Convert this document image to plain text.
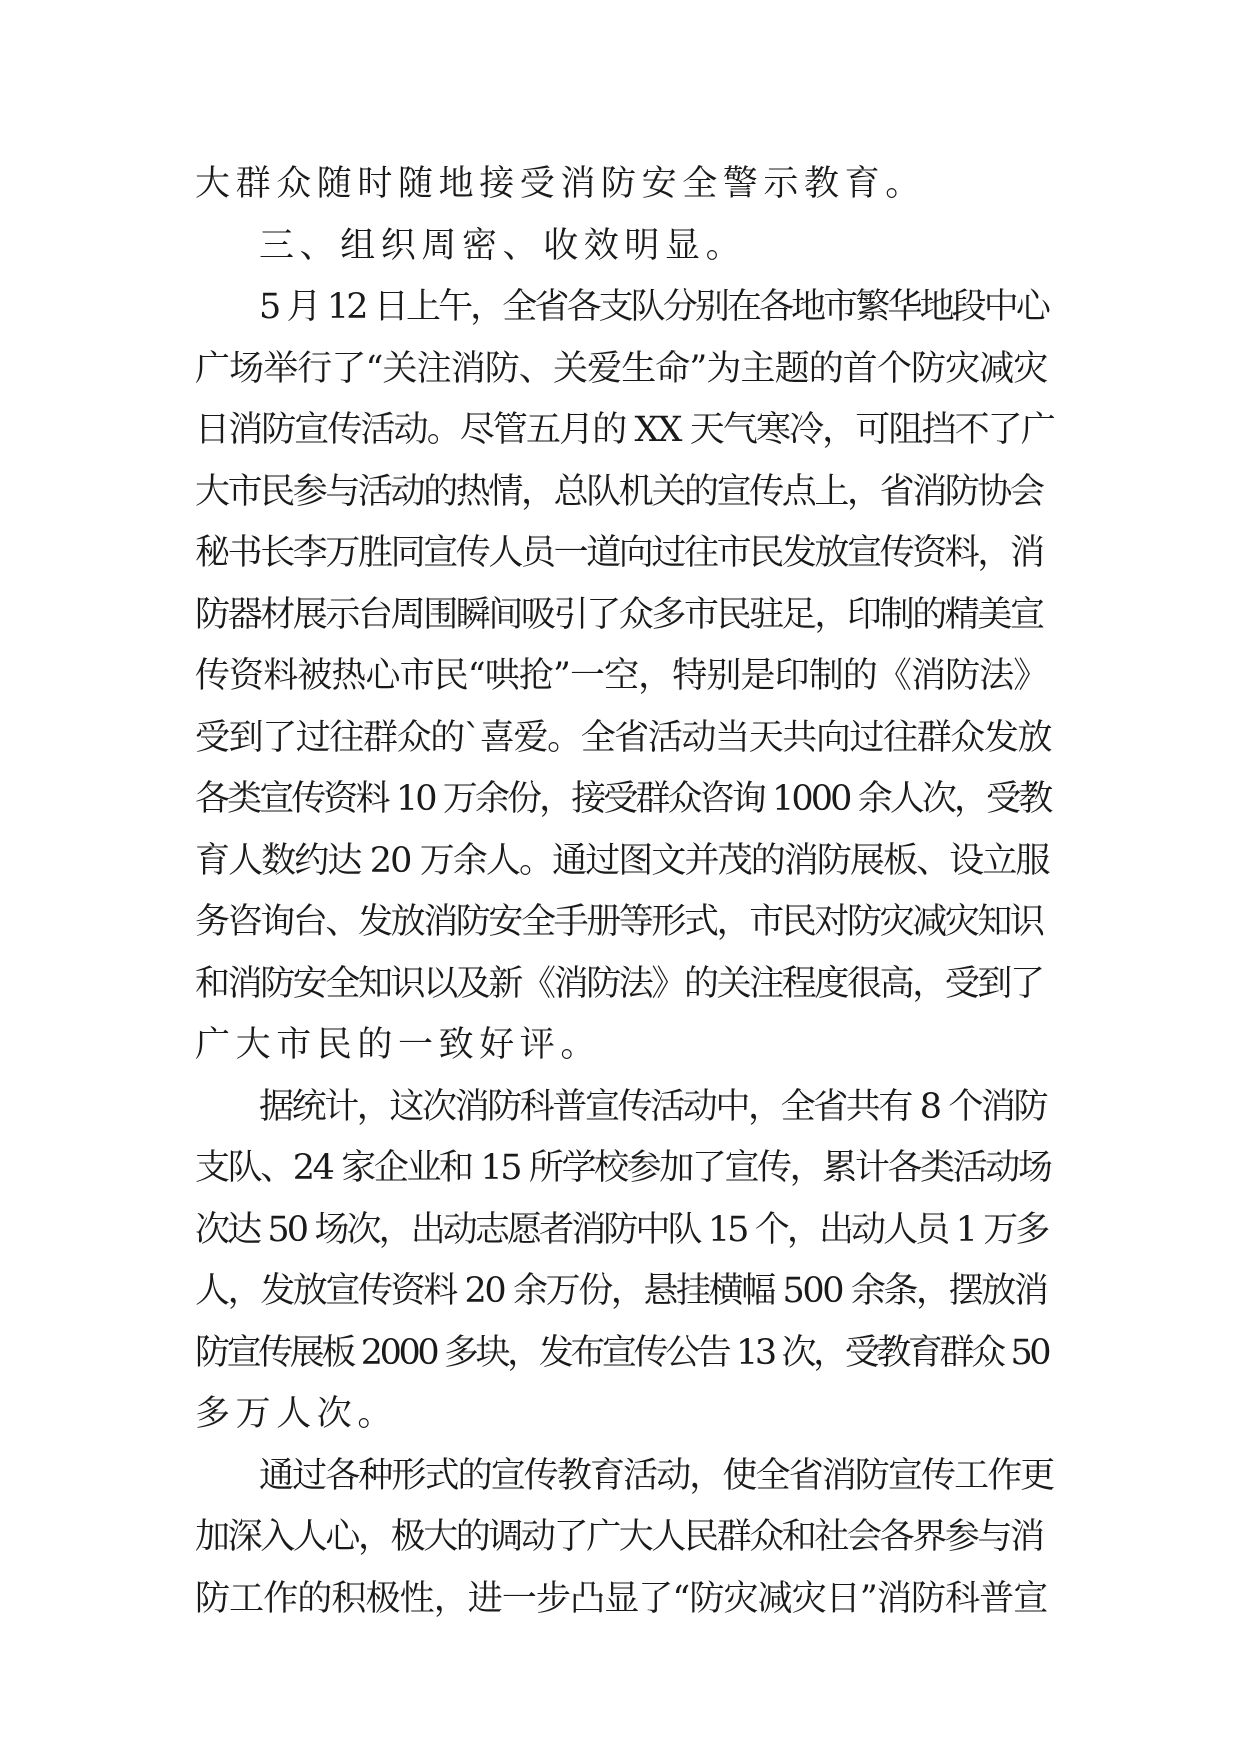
大群众随时随地接受消防安全警示教育。
三、组织周密、收效明显。
5 月 12 日上午，全省各支队分别在各地市繁华地段中心
广场举行了“关注消防、关爱生命”为主题的首个防灾减灾
日消防宣传活动。尽管五月的 XX 天气寒冷，可阻挡不了广
大市民参与活动的热情，总队机关的宣传点上，省消防协会
秘书长李万胜同宣传人员一道向过往市民发放宣传资料，消
防器材展示台周围瞬间吸引了众多市民驻足，印制的精美宣
传资料被热心市民“哄抢”一空，特别是印制的《消防法》
受到了过往群众的`喜爱。全省活动当天共向过往群众发放
各类宣传资料 10 万余份，接受群众咨询 1000 余人次，受教
育人数约达 20 万余人。通过图文并茂的消防展板、设立服
务咨询台、发放消防安全手册等形式，市民对防灾减灾知识
和消防安全知识以及新《消防法》的关注程度很高，受到了
广大市民的一致好评。
据统计，这次消防科普宣传活动中，全省共有 8 个消防
支队、24 家企业和 15 所学校参加了宣传，累计各类活动场
次达 50 场次，出动志愿者消防中队 15 个，出动人员 1 万多
人，发放宣传资料 20 余万份，悬挂横幅 500 余条，摆放消
防宣传展板 2000 多块，发布宣传公告 13 次，受教育群众 50
多万人次。
通过各种形式的宣传教育活动，使全省消防宣传工作更
加深入人心，极大的调动了广大人民群众和社会各界参与消
防工作的积极性，进一步凸显了“防灾减灾日”消防科普宣
